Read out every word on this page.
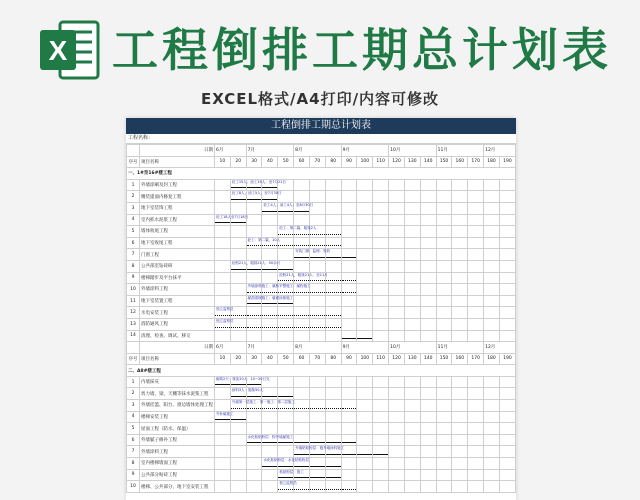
X 工程倒排工期总计划表
EXCEL格式/A4打印/内容可修改
工程倒排工期总计划表
工程名称：
	日期	6月		7月			8月			9月			10月			11月			12月	
序号	项目名称	10	20	30	40	50	60	70	80	90	100	110	120	130	140	150	160	170	180	190
一、1#至16#楼工程																				
1	外墙涂刷及封工程		砼工15人；油工15人；至7月21日																	

2	精装提面内修复工程		砼工8人；油工5人；至7月30日																	

3	地下室装饰工程				砼工4人；油工4人；至8月30日															

4	室内抓水泥浆工程	砼工18人至7月18日																		

5	墙体收尾工程					砼工：第二篇，粗抹2人														

6	地下室收尾工程			砼工：第二篇，10人																

7	门窗工程						安装门窗：监理：验收													

8	公共部室钻砖研		砼粉21人，粗抹21人：50余月																	

9	楼梯踏步及平台抹平					砼粉21人，粗抹21人：至11月														

10	外墙涂料工程			外墙涂料施工：腻粉平整施工：腻粉施工																

11	地下室装置工程			腻面清理施工：腻面涂抹施工																

12	水电安装工程	独立监察员																		

13	消防通风工程	独立监察员																		

14	清理、检查、调试、移交									

	日期	6月		7月			8月			9月			10月			11月			12月	
序号	项目名称	10	20	30	40	50	60	70	80	90	100	110	120	130	140	150	160	170	180	190
二、A8#楼工程																				
1	内墙抹灰	砌筑2天：抹灰20人：10~20日完																		

2	剪力墙、梁、天棚等抹水泥浆工程		涂料3人：施抹50人																	

3	外墙挂篮、阳台、窗边墙体处理工程		外墙第一层施工：第一施工：第二层施工																	

4	楼梯安装工程	外补腻施工																		

5	屋面工程（防水、保温）																			
6	外墙腻子修补工程			水化粘贴粉层：粉外墙腻施工																

7	外墙涂料工程						外墙粘贴粉层：施外墙涂料施工													

8	室内楼梯墙面工程				水化粘贴粉层：水化粘贴粉层															

9	公共部分贴砖工程					粘贴粉层：施工														

10	楼梯、公共部分、地下室安装工程					独立监察员														
